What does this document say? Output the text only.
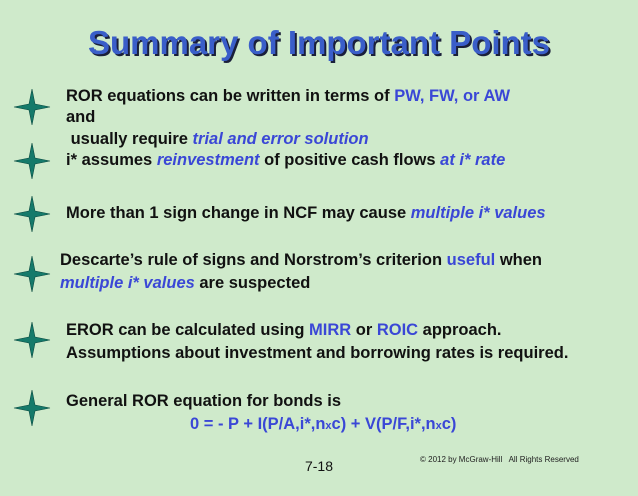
Summary of Important Points
ROR equations can be written in terms of PW, FW, or AW
and
usually require trial and error solution
i* assumes reinvestment of positive cash flows at i* rate
More than 1 sign change in NCF may cause multiple i* values
Descarte’s rule of signs and Norstrom’s criterion useful when
multiple i* values are suspected
EROR can be calculated using MIRR or ROIC approach.
Assumptions about investment and borrowing rates is required.
General ROR equation for bonds is
0 = - P + I(P/A,i*,nxc) + V(P/F,i*,nxc)
7-18	© 2012 by McGraw-Hill   All Rights Reserved
